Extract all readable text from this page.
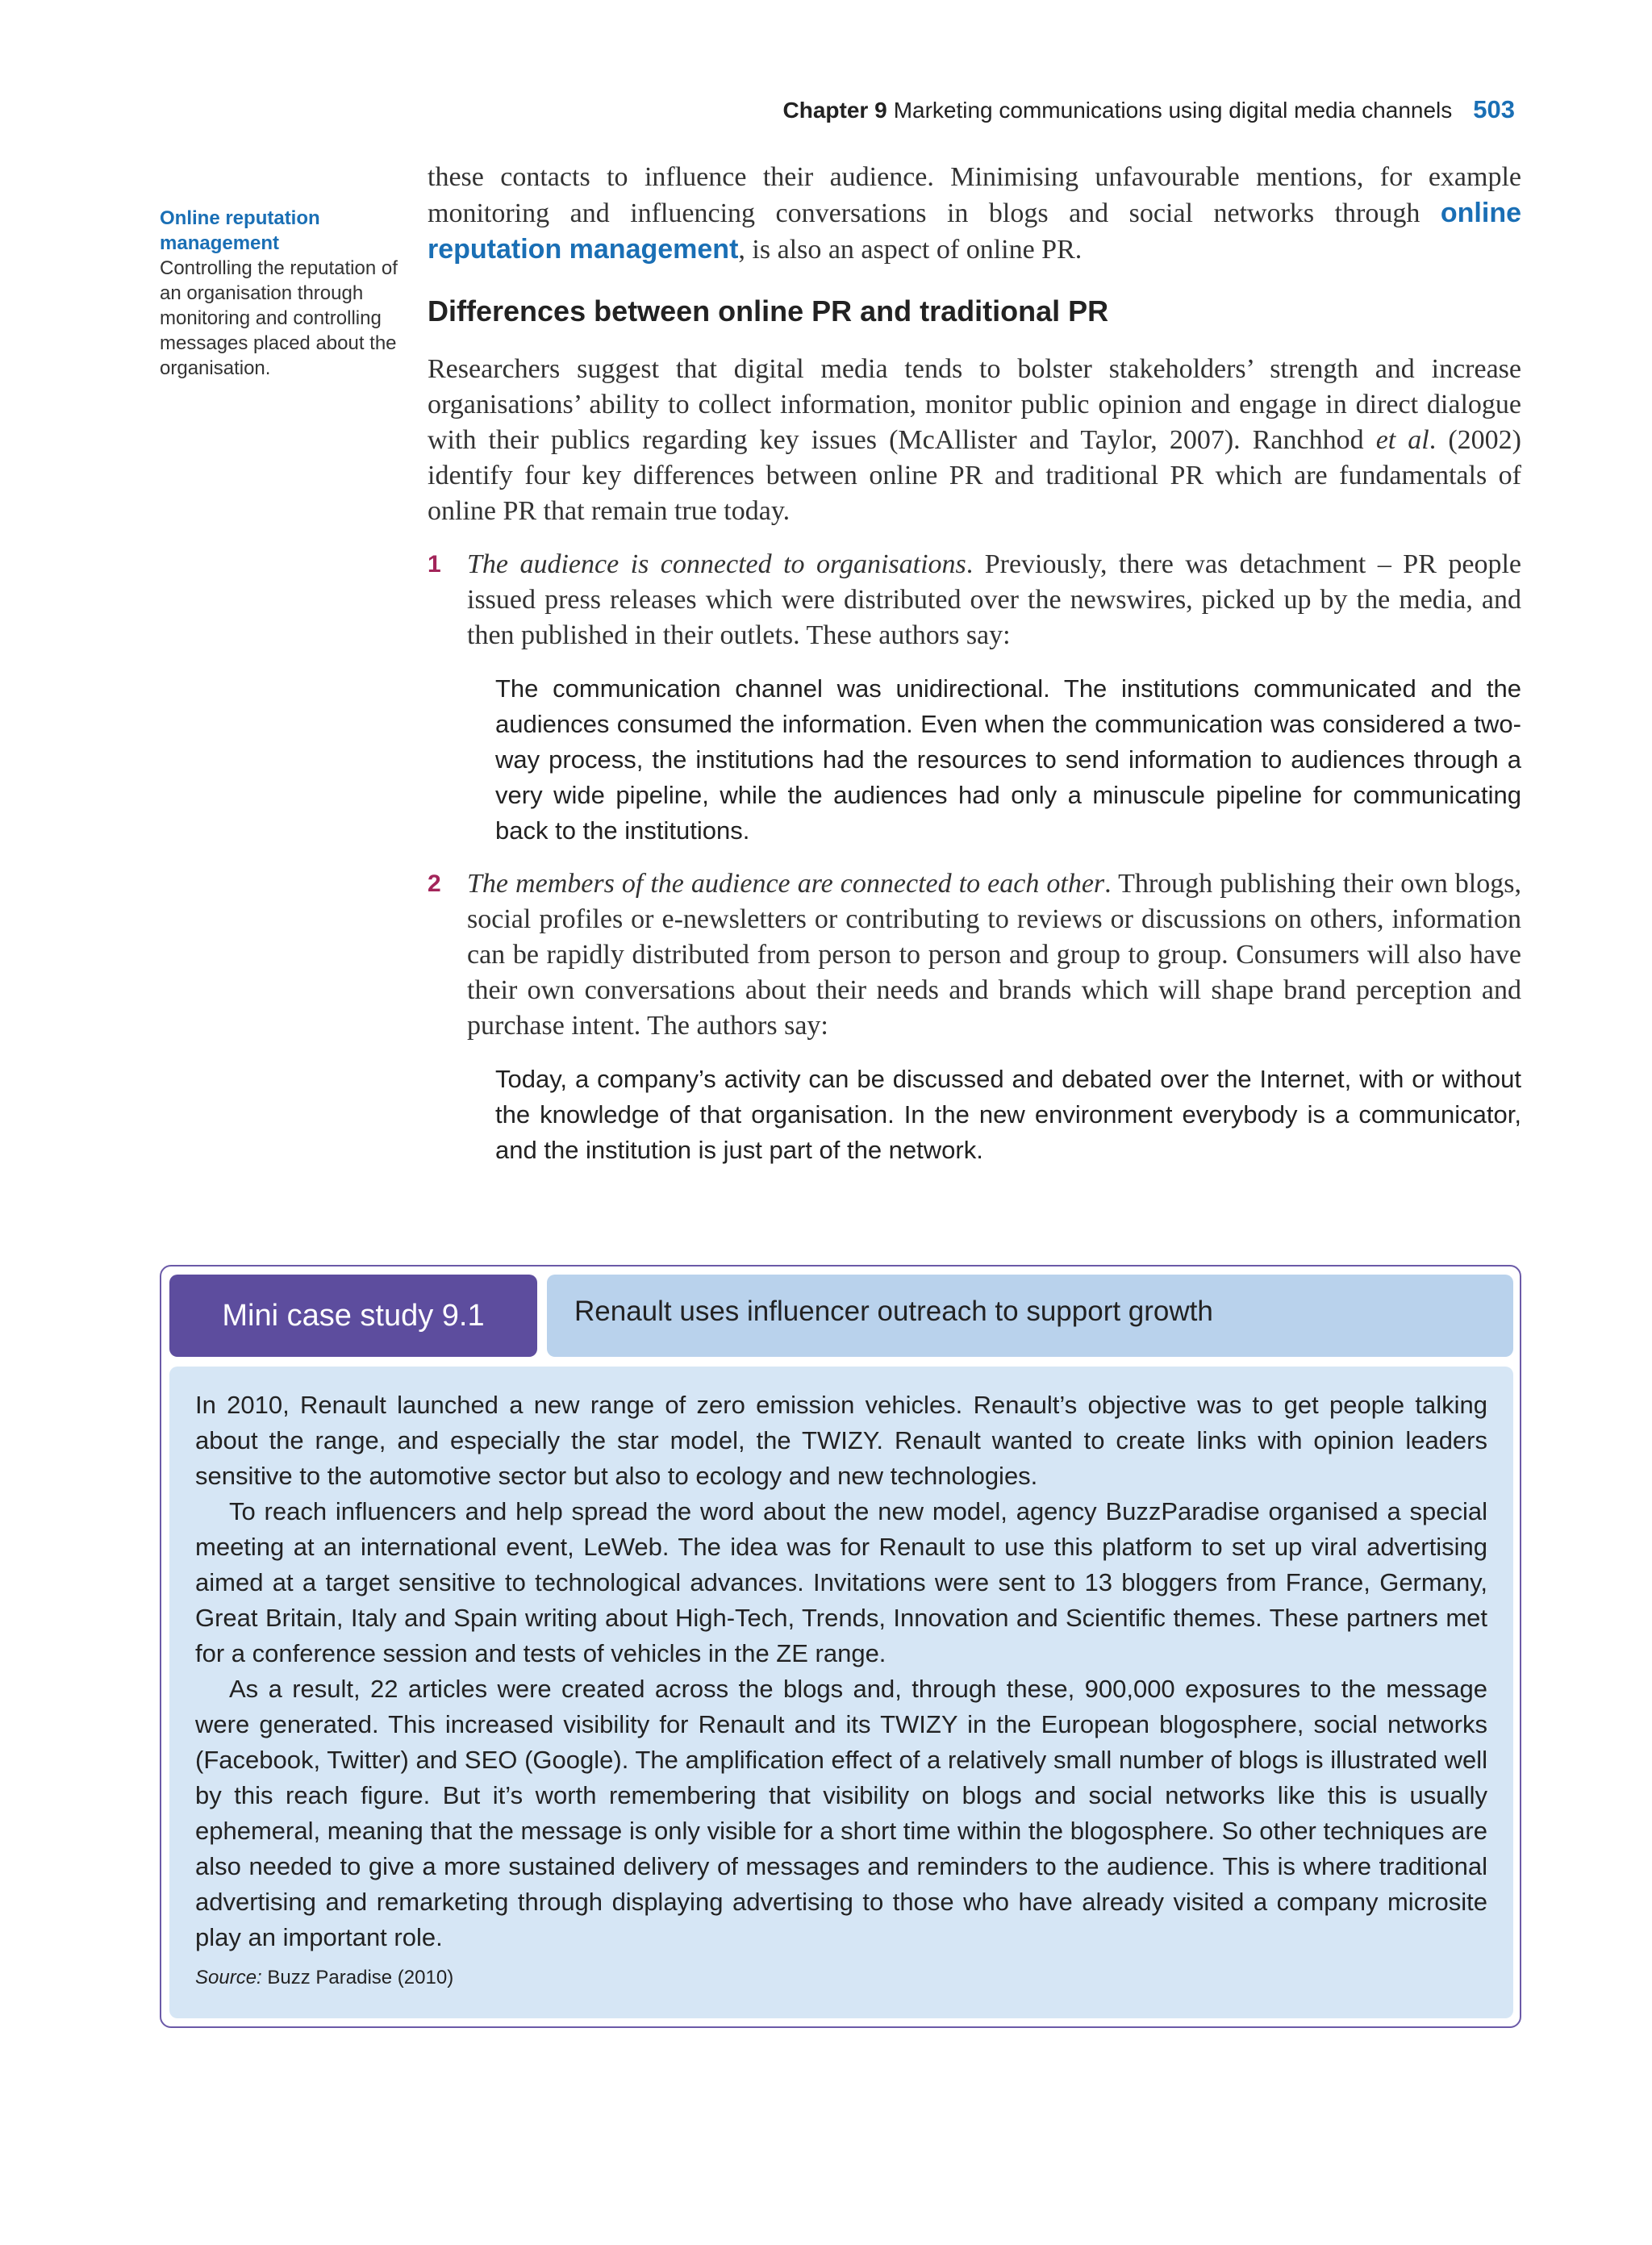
Chapter 9 Marketing communications using digital media channels 503
Online reputation management
Controlling the reputation of an organisation through monitoring and controlling messages placed about the organisation.

these contacts to influence their audience. Minimising unfavourable mentions, for example monitoring and influencing conversations in blogs and social networks through online reputation management, is also an aspect of online PR.

Differences between online PR and traditional PR

Researchers suggest that digital media tends to bolster stakeholders’ strength and increase organisations’ ability to collect information, monitor public opinion and engage in direct dialogue with their publics regarding key issues (McAllister and Taylor, 2007). Ranchhod et al. (2002) identify four key differences between online PR and traditional PR which are fundamentals of online PR that remain true today.

1 The audience is connected to organisations. Previously, there was detachment – PR people issued press releases which were distributed over the newswires, picked up by the media, and then published in their outlets. These authors say:

The communication channel was unidirectional. The institutions communicated and the audiences consumed the information. Even when the communication was considered a two-way process, the institutions had the resources to send information to audiences through a very wide pipeline, while the audiences had only a minuscule pipeline for communicating back to the institutions.
2 The members of the audience are connected to each other. Through publishing their own blogs, social profiles or e-newsletters or contributing to reviews or discussions on others, information can be rapidly distributed from person to person and group to group. Consumers will also have their own conversations about their needs and brands which will shape brand perception and purchase intent. The authors say:

Today, a company’s activity can be discussed and debated over the Internet, with or without the knowledge of that organisation. In the new environment everybody is a communicator, and the institution is just part of the network.
Mini case study 9.1	Renault uses influencer outreach to support growth

In 2010, Renault launched a new range of zero emission vehicles. Renault’s objective was to get people talking about the range, and especially the star model, the TWIZY. Renault wanted to create links with opinion leaders sensitive to the automotive sector but also to ecology and new technologies.

To reach influencers and help spread the word about the new model, agency BuzzParadise organised a special meeting at an international event, LeWeb. The idea was for Renault to use this platform to set up viral advertising aimed at a target sensitive to technological advances. Invitations were sent to 13 bloggers from France, Germany, Great Britain, Italy and Spain writing about High-Tech, Trends, Innovation and Scientific themes. These partners met for a conference session and tests of vehicles in the ZE range.

As a result, 22 articles were created across the blogs and, through these, 900,000 exposures to the message were generated. This increased visibility for Renault and its TWIZY in the European blogosphere, social networks (Facebook, Twitter) and SEO (Google). The amplification effect of a relatively small number of blogs is illustrated well by this reach figure. But it’s worth remembering that visibility on blogs and social networks like this is usually ephemeral, meaning that the message is only visible for a short time within the blogosphere. So other techniques are also needed to give a more sustained delivery of messages and reminders to the audience. This is where traditional advertising and remarketing through displaying advertising to those who have already visited a company microsite play an important role.

Source: Buzz Paradise (2010)
